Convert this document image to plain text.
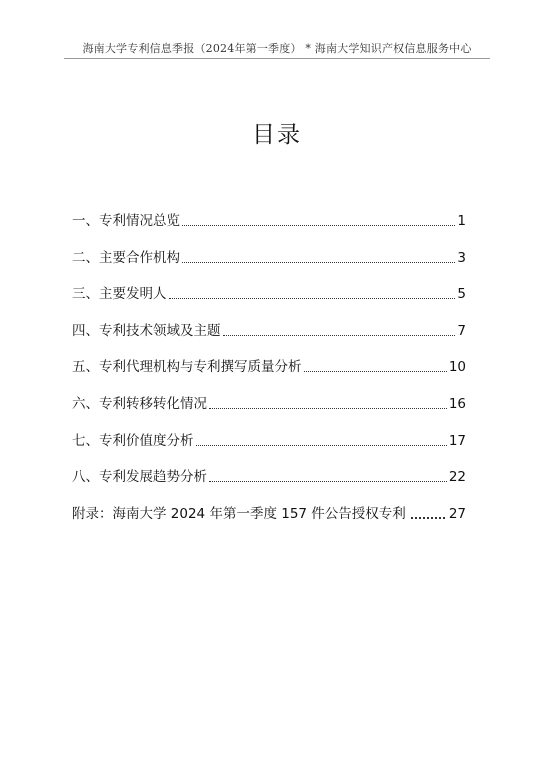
海南大学专利信息季报（2024年第一季度） * 海南大学知识产权信息服务中心
目录
一、专利情况总览	1
二、主要合作机构	3
三、主要发明人	5
四、专利技术领域及主题	7
五、专利代理机构与专利撰写质量分析	10
六、专利转移转化情况	16
七、专利价值度分析	17
八、专利发展趋势分析	22
附录：海南大学 2024 年第一季度 157 件公告授权专利	27
